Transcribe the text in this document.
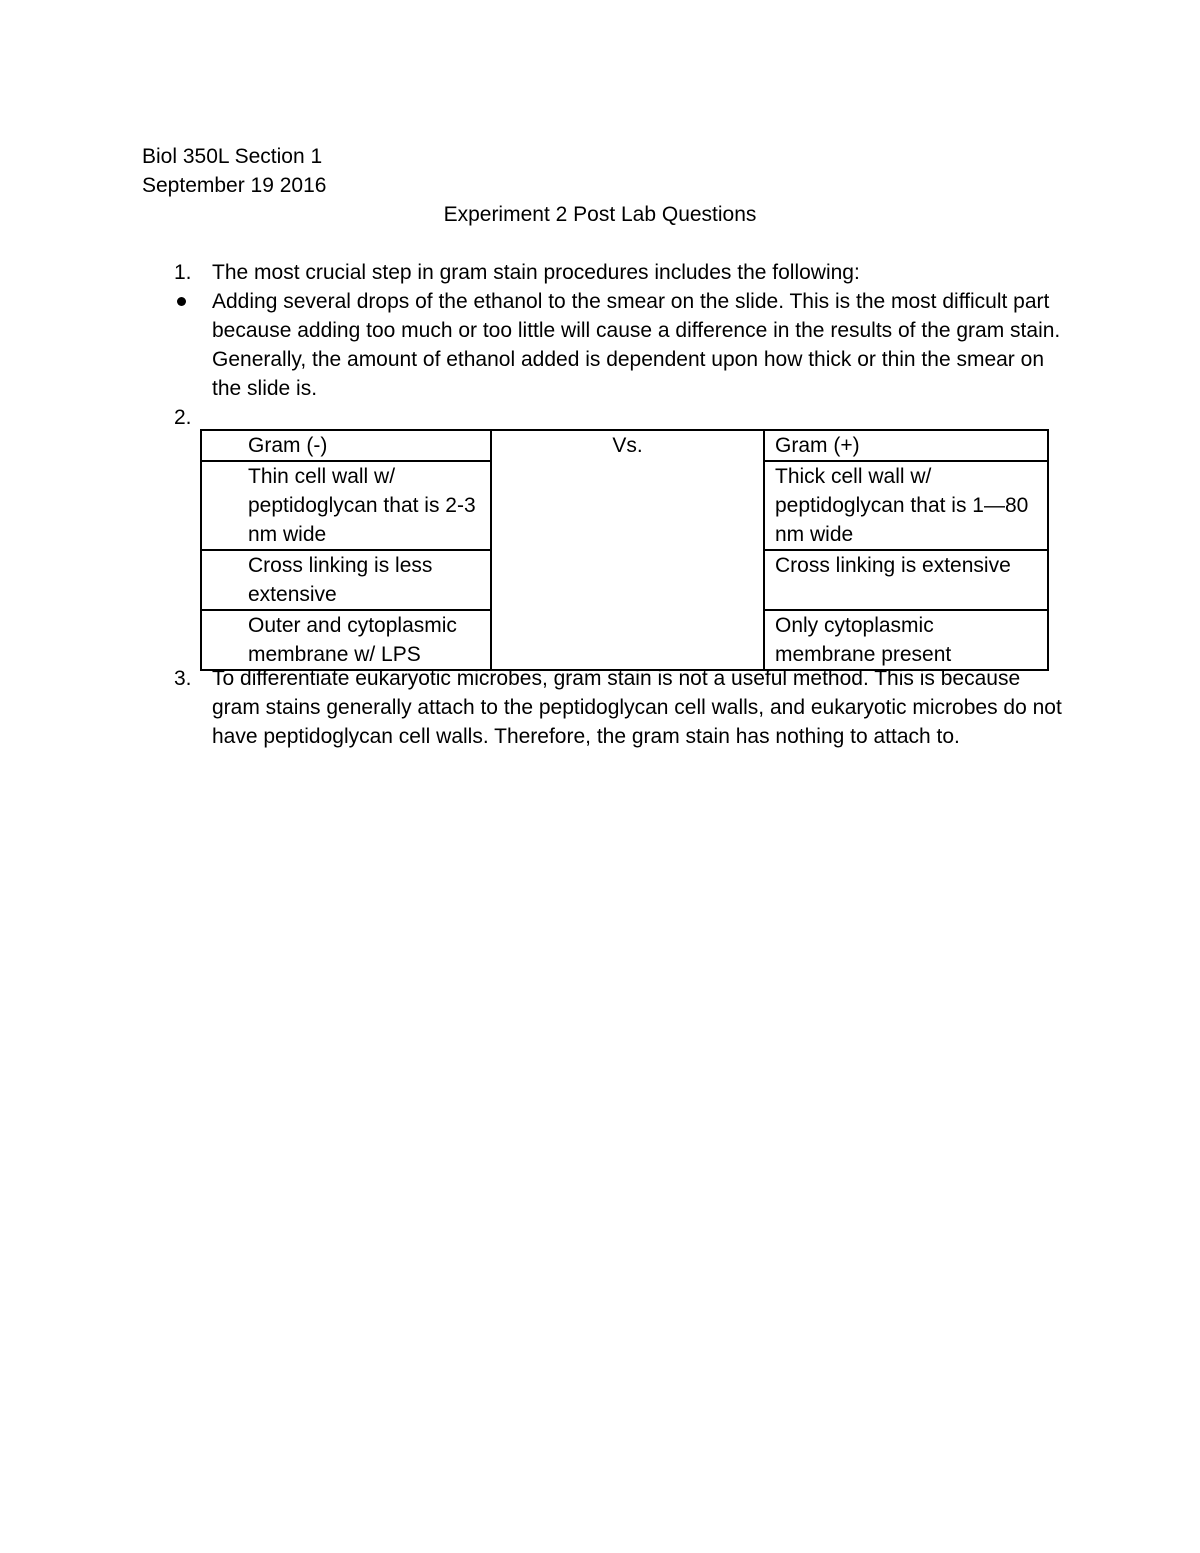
Biol 350L Section 1
September 19 2016
Experiment 2 Post Lab Questions
1. The most crucial step in gram stain procedures includes the following:
Adding several drops of the ethanol to the smear on the slide. This is the most difficult part because adding too much or too little will cause a difference in the results of the gram stain. Generally, the amount of ethanol added is dependent upon how thick or thin the smear on the slide is.
2.
Gram (-)	Vs.	Gram (+)
Thin cell wall w/ peptidoglycan that is 2-3 nm wide		Thick cell wall w/ peptidoglycan that is 1—80 nm wide
Cross linking is less extensive		Cross linking is extensive
Outer and cytoplasmic membrane w/ LPS		Only cytoplasmic membrane present
3. To differentiate eukaryotic microbes, gram stain is not a useful method. This is because gram stains generally attach to the peptidoglycan cell walls, and eukaryotic microbes do not have peptidoglycan cell walls. Therefore, the gram stain has nothing to attach to.
